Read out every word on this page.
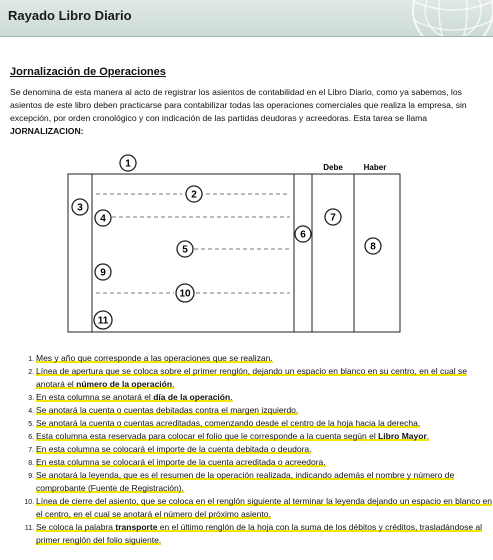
Rayado Libro Diario
Jornalización de Operaciones
Se denomina de esta manera al acto de registrar los asientos de contabilidad en el Libro Diario, como ya sabemos, los asientos de este libro deben practicarse para contabilizar todas las operaciones comerciales que realiza la empresa, sin excepción, por orden cronológico y con indicación de las partidas deudoras y acreedoras. Esta tarea se llama
JORNALIZACION:
Debe	Haber
1
2
3
4
5
6
7
8
9
10
11
1. Mes y año que corresponde a las operaciones que se realizan.
2. Línea de apertura que se coloca sobre el primer renglón, dejando un espacio en blanco en su centro, en el cual se anotará el número de la operación.
3. En esta columna se anotará el día de la operación.
4. Se anotará la cuenta o cuentas debitadas contra el margen izquierdo.
5. Se anotará la cuenta o cuentas acreditadas, comenzando desde el centro de la hoja hacia la derecha.
6. Esta columna esta reservada para colocar el folio que le corresponde a la cuenta según el Libro Mayor.
7. En esta columna se colocará el importe de la cuenta debitada o deudora.
8. En esta columna se colocará el importe de la cuenta acreditada o acreedora.
9. Se anotará la leyenda, que es el resumen de la operación realizada, indicando además el nombre y número de comprobante (Fuente de Registración).
10. Línea de cierre del asiento, que se coloca en el renglón siguiente al terminar la leyenda dejando un espacio en blanco en el centro, en el cual se anotará el número del próximo asiento.
11. Se coloca la palabra transporte en el último renglón de la hoja con la suma de los débitos y créditos, trasladándose al primer renglón del folio siguiente.
